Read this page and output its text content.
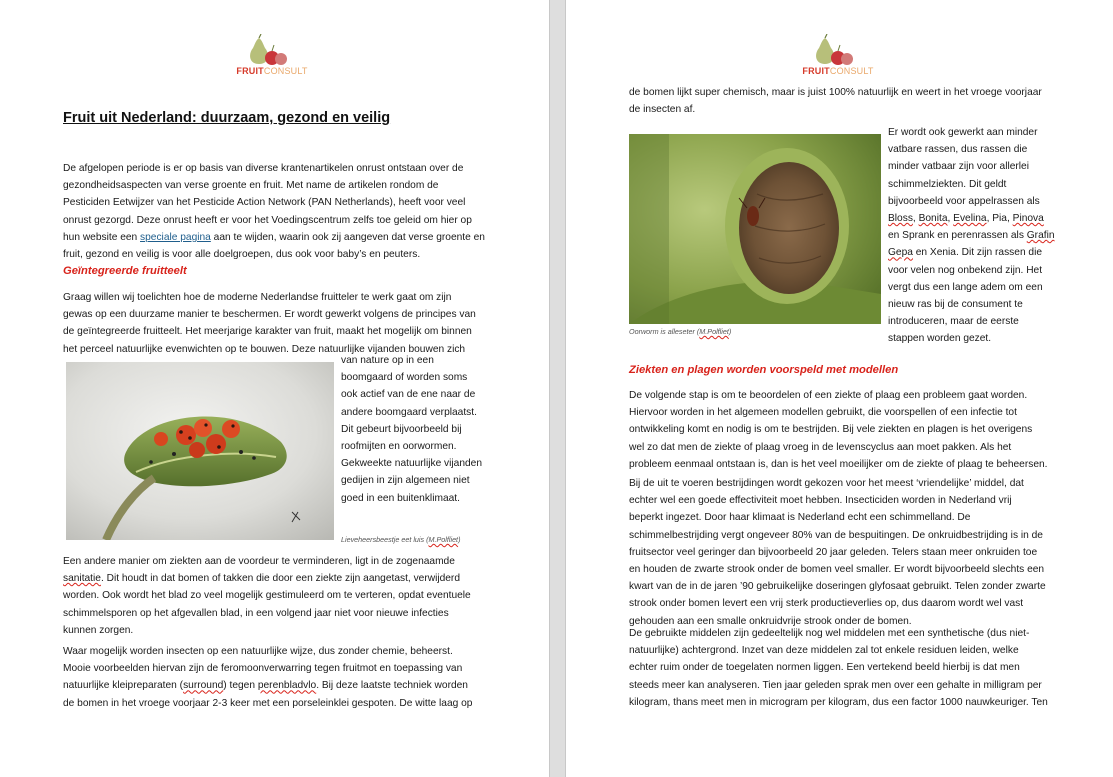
FRUITCONSULT
Fruit uit Nederland: duurzaam, gezond en veilig

De afgelopen periode is er op basis van diverse krantenartikelen onrust ontstaan over de
gezondheidsaspecten van verse groente en fruit. Met name de artikelen rondom de
Pesticiden Eetwijzer van het Pesticide Action Network (PAN Netherlands), heeft voor veel
onrust gezorgd. Deze onrust heeft er voor het Voedingscentrum zelfs toe geleid om hier op
hun website een speciale pagina aan te wijden, waarin ook zij aangeven dat verse groente en
fruit, gezond en veilig is voor alle doelgroepen, dus ook voor baby’s en peuters.

Geïntegreerde fruitteelt

Graag willen wij toelichten hoe de moderne Nederlandse fruitteler te werk gaat om zijn
gewas op een duurzame manier te beschermen. Er wordt gewerkt volgens de principes van
de geïntegreerde fruitteelt. Het meerjarige karakter van fruit, maakt het mogelijk om binnen
het perceel natuurlijke evenwichten op te bouwen. Deze natuurlijke vijanden bouwen zich

van nature op in een
boomgaard of worden soms
ook actief van de ene naar de
andere boomgaard verplaatst.
Dit gebeurt bijvoorbeeld bij
roofmijten en oorwormen.
Gekweekte natuurlijke vijanden
gedijen in zijn algemeen niet
goed in een buitenklimaat.

Lieveheersbeestje eet luis (M.Polfliet)

Een andere manier om ziekten aan de voordeur te verminderen, ligt in de zogenaamde
sanitatie. Dit houdt in dat bomen of takken die door een ziekte zijn aangetast, verwijderd
worden. Ook wordt het blad zo veel mogelijk gestimuleerd om te verteren, opdat eventuele
schimmelsporen op het afgevallen blad, in een volgend jaar niet voor nieuwe infecties
kunnen zorgen.

Waar mogelijk worden insecten op een natuurlijke wijze, dus zonder chemie, beheerst.
Mooie voorbeelden hiervan zijn de feromoonverwarring tegen fruitmot en toepassing van
natuurlijke kleipreparaten (surround) tegen perenbladvlo. Bij deze laatste techniek worden
de bomen in het vroege voorjaar 2-3 keer met een porseleinklei gespoten. De witte laag op

FRUITCONSULT

de bomen lijkt super chemisch, maar is juist 100% natuurlijk en weert in het vroege voorjaar
de insecten af.

Er wordt ook gewerkt aan minder
vatbare rassen, dus rassen die
minder vatbaar zijn voor allerlei
schimmelziekten. Dit geldt
bijvoorbeeld voor appelrassen als
Bloss, Bonita, Evelina, Pia, Pinova
en Sprank en perenrassen als Grafin
Gepa en Xenia. Dit zijn rassen die
voor velen nog onbekend zijn. Het
vergt dus een lange adem om een
nieuw ras bij de consument te
introduceren, maar de eerste
stappen worden gezet.

Oorworm is alleseter (M.Polfliet)

Ziekten en plagen worden voorspeld met modellen

De volgende stap is om te beoordelen of een ziekte of plaag een probleem gaat worden.
Hiervoor worden in het algemeen modellen gebruikt, die voorspellen of een infectie tot
ontwikkeling komt en nodig is om te bestrijden. Bij vele ziekten en plagen is het overigens
wel zo dat men de ziekte of plaag vroeg in de levenscyclus aan moet pakken. Als het
probleem eenmaal ontstaan is, dan is het veel moeilijker om de ziekte of plaag te beheersen.

Bij de uit te voeren bestrijdingen wordt gekozen voor het meest ‘vriendelijke’ middel, dat
echter wel een goede effectiviteit moet hebben. Insecticiden worden in Nederland vrij
beperkt ingezet. Door haar klimaat is Nederland echt een schimmelland. De
schimmelbestrijding vergt ongeveer 80% van de bespuitingen. De onkruidbestrijding is in de
fruitsector veel geringer dan bijvoorbeeld 20 jaar geleden. Telers staan meer onkruiden toe
en houden de zwarte strook onder de bomen veel smaller. Er wordt bijvoorbeeld slechts een
kwart van de in de jaren ’90 gebruikelijke doseringen glyfosaat gebruikt. Telen zonder zwarte
strook onder bomen levert een vrij sterk productieverlies op, dus daarom wordt wel vast
gehouden aan een smalle onkruidvrije strook onder de bomen.

De gebruikte middelen zijn gedeeltelijk nog wel middelen met een synthetische (dus niet-
natuurlijke) achtergrond. Inzet van deze middelen zal tot enkele residuen leiden, welke
echter ruim onder de toegelaten normen liggen. Een vertekend beeld hierbij is dat men
steeds meer kan analyseren. Tien jaar geleden sprak men over een gehalte in milligram per
kilogram, thans meet men in microgram per kilogram, dus een factor 1000 nauwkeuriger. Ten
